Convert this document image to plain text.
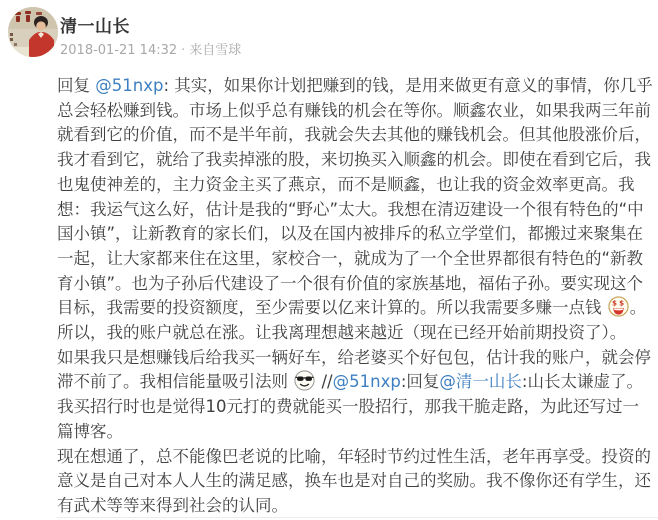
清一山长
2018-01-21 14:32 · 来自雪球

回复 @51nxp: 其实，如果你计划把赚到的钱，是用来做更有意义的事情，你几乎总会轻松赚到钱。市场上似乎总有赚钱的机会在等你。顺鑫农业，如果我两三年前就看到它的价值，而不是半年前，我就会失去其他的赚钱机会。但其他股涨价后，我才看到它，就给了我卖掉涨的股，来切换买入顺鑫的机会。即使在看到它后，我也鬼使神差的，主力资金主买了燕京，而不是顺鑫，也让我的资金效率更高。我想：我运气这么好，估计是我的“野心”太大。我想在清迈建设一个很有特色的“中国小镇”，让新教育的家长们，以及在国内被排斥的私立学堂们，都搬过来聚集在一起，让大家都来住在这里，家校合一，就成为了一个全世界都很有特色的“新教育小镇”。也为子孙后代建设了一个很有价值的家族基地，福佑子孙。要实现这个目标，我需要的投资额度，至少需要以亿来计算的。所以我需要多赚一点钱 $ $ 。所以，我的账户就总在涨。让我离理想越来越近（现在已经开始前期投资了）。

如果我只是想赚钱后给我买一辆好车，给老婆买个好包包，估计我的账户，就会停滞不前了。我相信能量吸引法则
//@51nxp:回复@清一山长:山长太谦虚了。

我买招行时也是觉得10元打的费就能买一股招行，那我干脆走路，为此还写过一篇博客。

现在想通了，总不能像巴老说的比喻，年轻时节约过性生活，老年再享受。投资的意义是自己对本人人生的满足感，换车也是对自己的奖励。我不像你还有学生，还有武术等等来得到社会的认同。
